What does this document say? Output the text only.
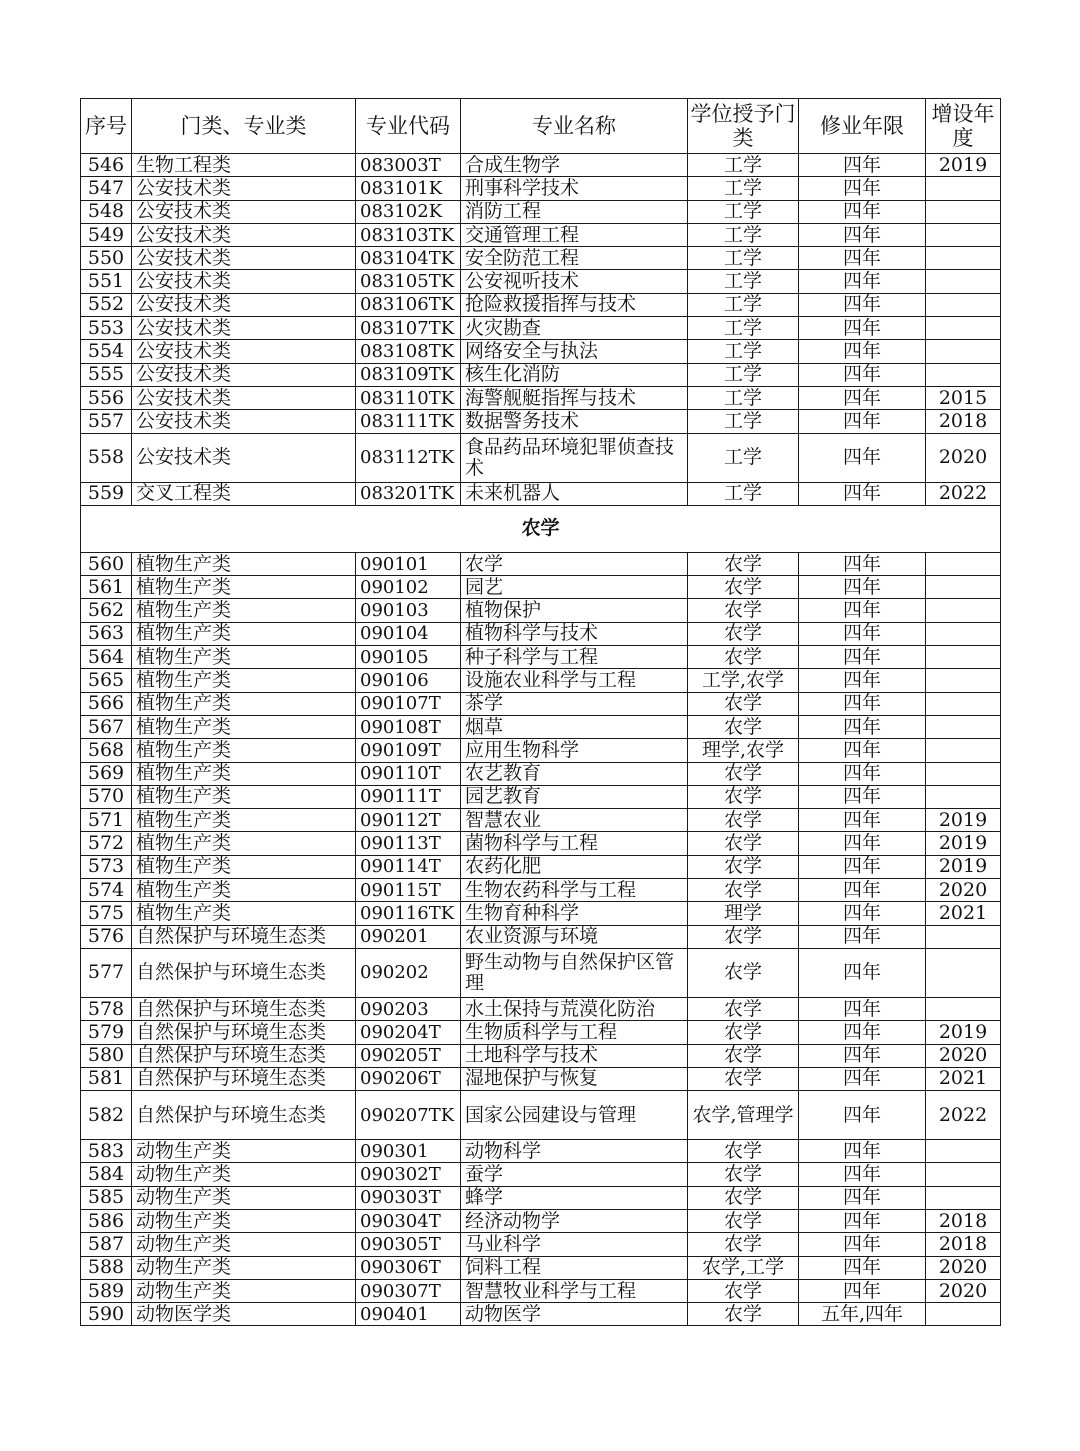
序号	门类、专业类	专业代码	专业名称	学位授予门类	修业年限	增设年度
546	生物工程类	083003T	合成生物学	工学	四年	2019
547	公安技术类	083101K	刑事科学技术	工学	四年	
548	公安技术类	083102K	消防工程	工学	四年	
549	公安技术类	083103TK	交通管理工程	工学	四年	
550	公安技术类	083104TK	安全防范工程	工学	四年	
551	公安技术类	083105TK	公安视听技术	工学	四年	
552	公安技术类	083106TK	抢险救援指挥与技术	工学	四年	
553	公安技术类	083107TK	火灾勘查	工学	四年	
554	公安技术类	083108TK	网络安全与执法	工学	四年	
555	公安技术类	083109TK	核生化消防	工学	四年	
556	公安技术类	083110TK	海警舰艇指挥与技术	工学	四年	2015
557	公安技术类	083111TK	数据警务技术	工学	四年	2018
558	公安技术类	083112TK	食品药品环境犯罪侦查技术	工学	四年	2020
559	交叉工程类	083201TK	未来机器人	工学	四年	2022
农学						
560	植物生产类	090101	农学	农学	四年	
561	植物生产类	090102	园艺	农学	四年	
562	植物生产类	090103	植物保护	农学	四年	
563	植物生产类	090104	植物科学与技术	农学	四年	
564	植物生产类	090105	种子科学与工程	农学	四年	
565	植物生产类	090106	设施农业科学与工程	工学,农学	四年	
566	植物生产类	090107T	茶学	农学	四年	
567	植物生产类	090108T	烟草	农学	四年	
568	植物生产类	090109T	应用生物科学	理学,农学	四年	
569	植物生产类	090110T	农艺教育	农学	四年	
570	植物生产类	090111T	园艺教育	农学	四年	
571	植物生产类	090112T	智慧农业	农学	四年	2019
572	植物生产类	090113T	菌物科学与工程	农学	四年	2019
573	植物生产类	090114T	农药化肥	农学	四年	2019
574	植物生产类	090115T	生物农药科学与工程	农学	四年	2020
575	植物生产类	090116TK	生物育种科学	理学	四年	2021
576	自然保护与环境生态类	090201	农业资源与环境	农学	四年	
577	自然保护与环境生态类	090202	野生动物与自然保护区管理	农学	四年	
578	自然保护与环境生态类	090203	水土保持与荒漠化防治	农学	四年	
579	自然保护与环境生态类	090204T	生物质科学与工程	农学	四年	2019
580	自然保护与环境生态类	090205T	土地科学与技术	农学	四年	2020
581	自然保护与环境生态类	090206T	湿地保护与恢复	农学	四年	2021
582	自然保护与环境生态类	090207TK	国家公园建设与管理	农学,管理学	四年	2022
583	动物生产类	090301	动物科学	农学	四年	
584	动物生产类	090302T	蚕学	农学	四年	
585	动物生产类	090303T	蜂学	农学	四年	
586	动物生产类	090304T	经济动物学	农学	四年	2018
587	动物生产类	090305T	马业科学	农学	四年	2018
588	动物生产类	090306T	饲料工程	农学,工学	四年	2020
589	动物生产类	090307T	智慧牧业科学与工程	农学	四年	2020
590	动物医学类	090401	动物医学	农学	五年,四年	
